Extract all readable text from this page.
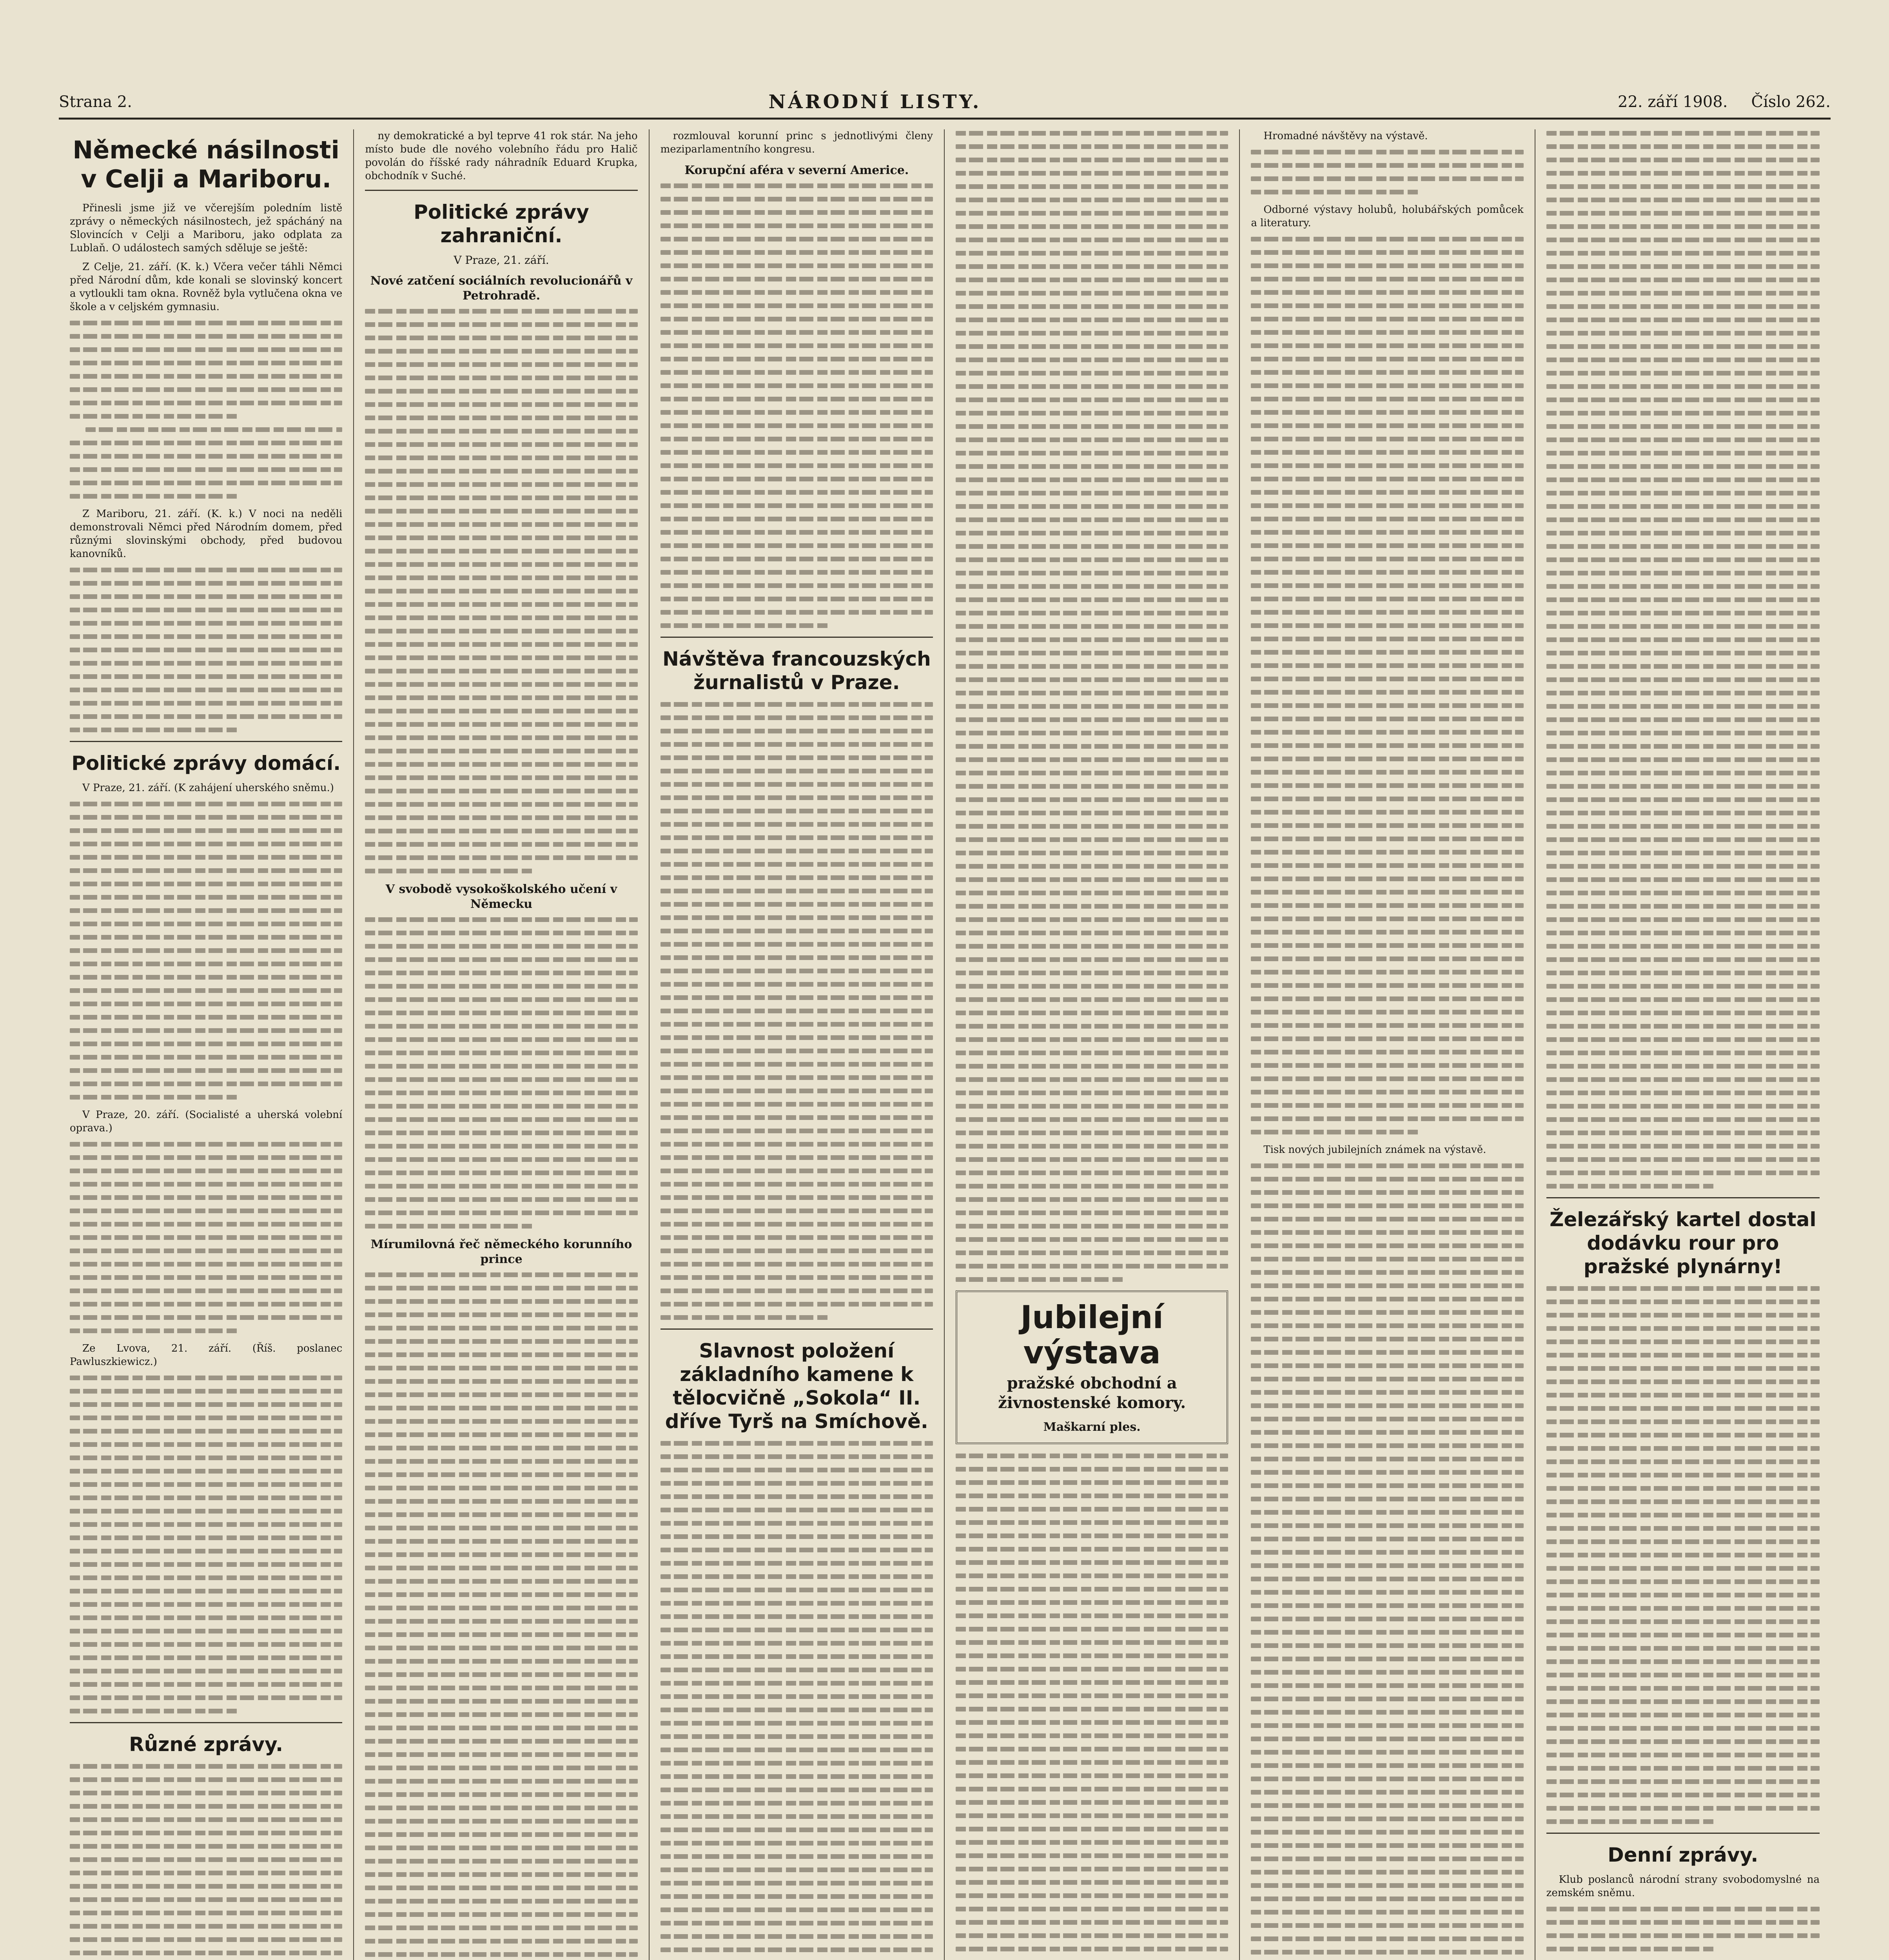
Strana 2.	NÁRODNÍ LISTY.	22. září 1908. Číslo 262.
Německé násilnosti v Celji a Mariboru.

Přinesli jsme již ve včerejším poledním listě zprávy o německých násilnostech, jež spácháný na Slovincích v Celji a Mariboru, jako odplata za Lublaň. O událostech samých sděluje se ještě:

Z Celje, 21. září. (K. k.) Včera večer táhli Němci před Národní dům, kde konali se slovinský koncert a vytloukli tam okna. Rovněž byla vytlučena okna ve škole a v celjském gymnasiu.

Z Mariboru, 21. září. (K. k.) V noci na neděli demonstrovali Němci před Národním domem, před různými slovinskými obchody, před budovou kanovníků.

Politické zprávy domácí.

V Praze, 21. září. (K zahájení uherského sněmu.)

V Praze, 20. září. (Socialisté a uherská volební oprava.)

Ze Lvova, 21. září. (Říš. poslanec Pawluszkiewicz.)

Různé zprávy.

ny demokratické a byl teprve 41 rok stár. Na jeho místo bude dle nového volebního řádu pro Halič povolán do říšské rady náhradník Eduard Krupka, obchodník v Suché.

Politické zprávy zahraniční.
V Praze, 21. září.
Nové zatčení sociálních revolucionářů v Petrohradě.
V svobodě vysokoškolského učení v Německu
Mírumilovná řeč německého korunního prince

rozmlouval korunní princ s jednotlivými členy meziparlamentního kongresu.

Korupční aféra v severní Americe.
Návštěva francouzských žurnalistů v Praze.
Slavnost položení základního kamene k tělocvičně „Sokola“ II. dříve Tyrš na Smíchově.
Jubilejní výstava
pražské obchodní a živnostenské komory.
Maškarní ples.

Hromadné návštěvy na výstavě.

Odborné výstavy holubů, holubářských pomůcek a literatury.

Tisk nových jubilejních známek na výstavě.

Železářský kartel dostal dodávku rour pro pražské plynárny!
Denní zprávy.

Klub poslanců národní strany svobodomyslné na zemském sněmu.
